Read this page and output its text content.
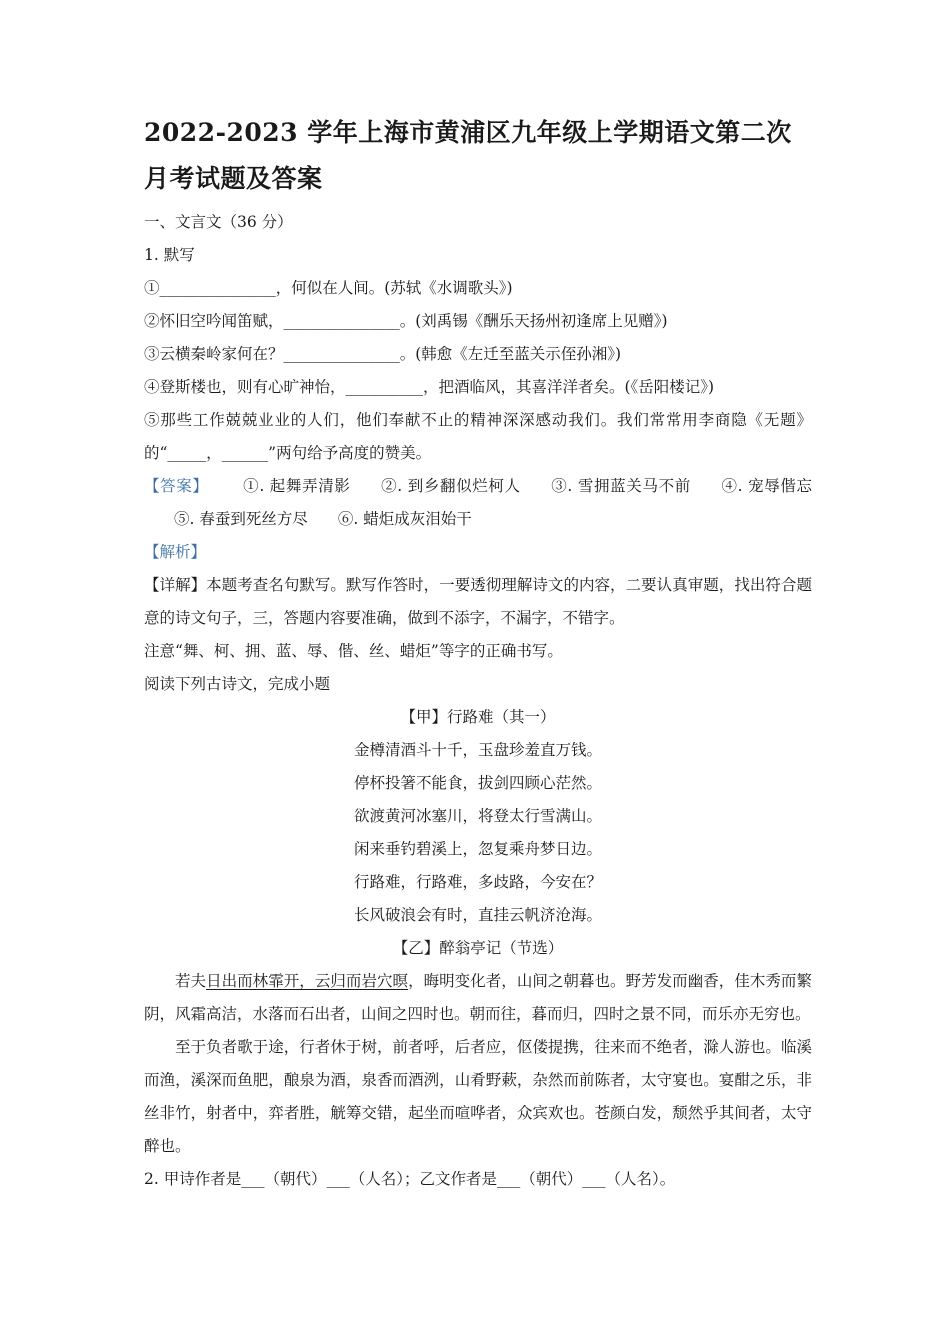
2022-2023 学年上海市黄浦区九年级上学期语文第二次月考试题及答案

一、文言文（36 分）

1. 默写

①_______________，何似在人间。(苏轼《水调歌头》)

②怀旧空吟闻笛赋，_______________。(刘禹锡《酬乐天扬州初逢席上见赠》)

③云横秦岭家何在？_______________。(韩愈《左迁至蓝关示侄孙湘》)

④登斯楼也，则有心旷神怡，__________，把酒临风，其喜洋洋者矣。(《岳阳楼记》)

⑤那些工作兢兢业业的人们，他们奉献不止的精神深深感动我们。我们常常用李商隐《无题》的“_____，______”两句给予高度的赞美。

【答案】 ①. 起舞弄清影 ②. 到乡翻似烂柯人 ③. 雪拥蓝关马不前 ④. 宠辱偕忘⑤. 春蚕到死丝方尽 ⑥. 蜡炬成灰泪始干

【解析】

【详解】本题考查名句默写。默写作答时，一要透彻理解诗文的内容，二要认真审题，找出符合题意的诗文句子，三，答题内容要准确，做到不添字，不漏字，不错字。

注意“舞、柯、拥、蓝、辱、偕、丝、蜡炬”等字的正确书写。

阅读下列古诗文，完成小题

【甲】行路难（其一）

金樽清酒斗十千，玉盘珍羞直万钱。

停杯投箸不能食，拔剑四顾心茫然。

欲渡黄河冰塞川，将登太行雪满山。

闲来垂钓碧溪上，忽复乘舟梦日边。

行路难，行路难，多歧路，今安在？

长风破浪会有时，直挂云帆济沧海。

【乙】醉翁亭记（节选）

若夫日出而林霏开，云归而岩穴暝，晦明变化者，山间之朝暮也。野芳发而幽香，佳木秀而繁阴，风霜高洁，水落而石出者，山间之四时也。朝而往，暮而归，四时之景不同，而乐亦无穷也。

至于负者歌于途，行者休于树，前者呼，后者应，伛偻提携，往来而不绝者，滁人游也。临溪而渔，溪深而鱼肥，酿泉为酒，泉香而酒洌，山肴野蔌，杂然而前陈者，太守宴也。宴酣之乐，非丝非竹，射者中，弈者胜，觥筹交错，起坐而喧哗者，众宾欢也。苍颜白发，颓然乎其间者，太守醉也。

2. 甲诗作者是___（朝代）___（人名）；乙文作者是___（朝代）___（人名）。
